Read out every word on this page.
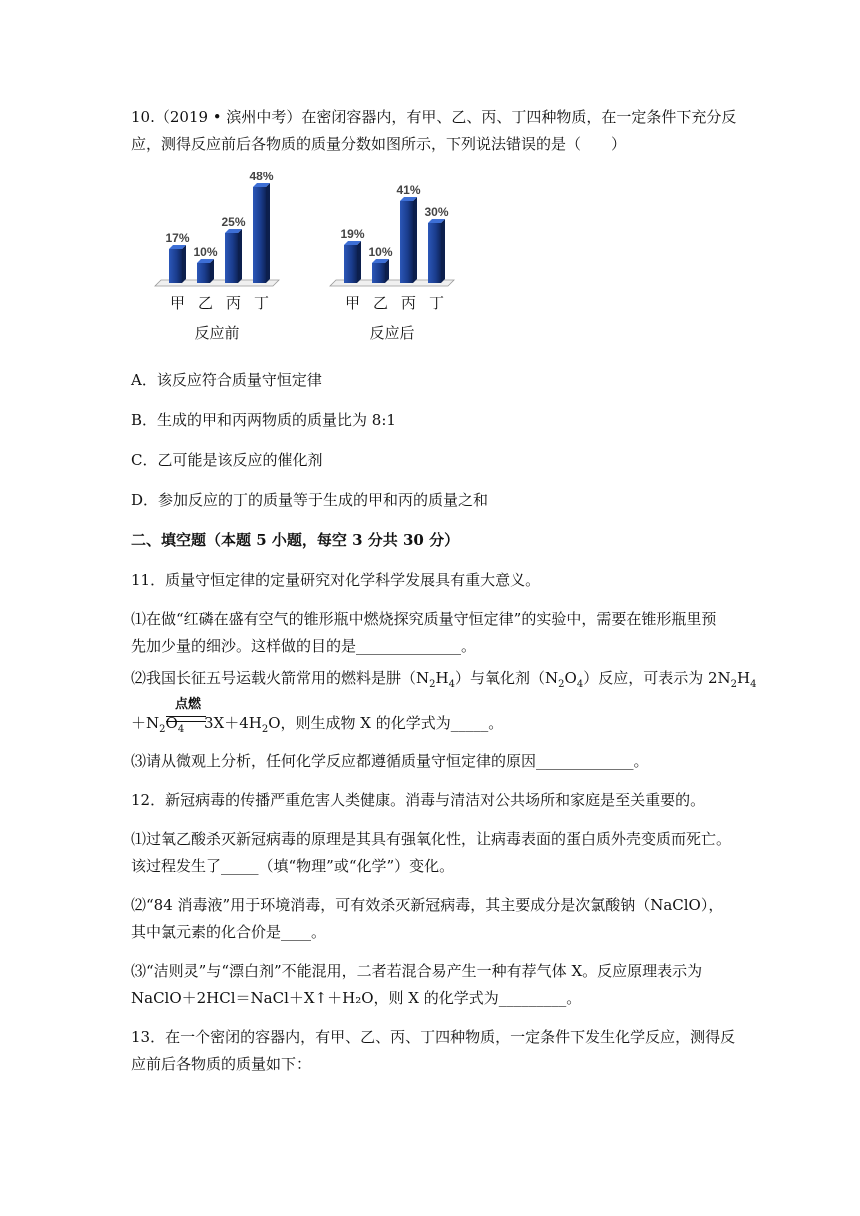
10.（2019 • 滨州中考）在密闭容器内，有甲、乙、丙、丁四种物质，在一定条件下充分反
应，测得反应前后各物质的质量分数如图所示，下列说法错误的是（　　）
17%
甲
10%
乙
25%
丙
48%
丁
反应前
19%
甲
10%
乙
41%
丙
30%
丁
反应后
A．该反应符合质量守恒定律
B．生成的甲和丙两物质的质量比为 8:1
C．乙可能是该反应的催化剂
D．参加反应的丁的质量等于生成的甲和丙的质量之和
二、填空题（本题 5 小题，每空 3 分共 30 分）
11．质量守恒定律的定量研究对化学科学发展具有重大意义。
⑴在做“红磷在盛有空气的锥形瓶中燃烧探究质量守恒定律”的实验中，需要在锥形瓶里预
先加少量的细沙。这样做的目的是______________。
⑵我国长征五号运载火箭常用的燃料是肼$(N_2H_4)$与氧化剂$(N_2O_4)$反应，可表示为 $2N_2H_4$
点燃
$+N_2O_4$　 $3X+4H_2O$，则生成物 X 的化学式为_____。
⑶请从微观上分析，任何化学反应都遵循质量守恒定律的原因_____________。
12．新冠病毒的传播严重危害人类健康。消毒与清洁对公共场所和家庭是至关重要的。
⑴过氧乙酸杀灭新冠病毒的原理是其具有强氧化性，让病毒表面的蛋白质外壳变质而死亡。
该过程发生了_____（填“物理”或“化学”）变化。
⑵“84 消毒液”用于环境消毒，可有效杀灭新冠病毒，其主要成分是次氯酸钠（NaClO），
其中氯元素的化合价是____。
⑶“洁则灵”与“漂白剂”不能混用，二者若混合易产生一种有荐气体 X。反应原理表示为
NaClO＋2HCl＝NaCl＋X↑＋H₂O，则 X 的化学式为_________。
13．在一个密闭的容器内，有甲、乙、丙、丁四种物质，一定条件下发生化学反应，测得反
应前后各物质的质量如下：
